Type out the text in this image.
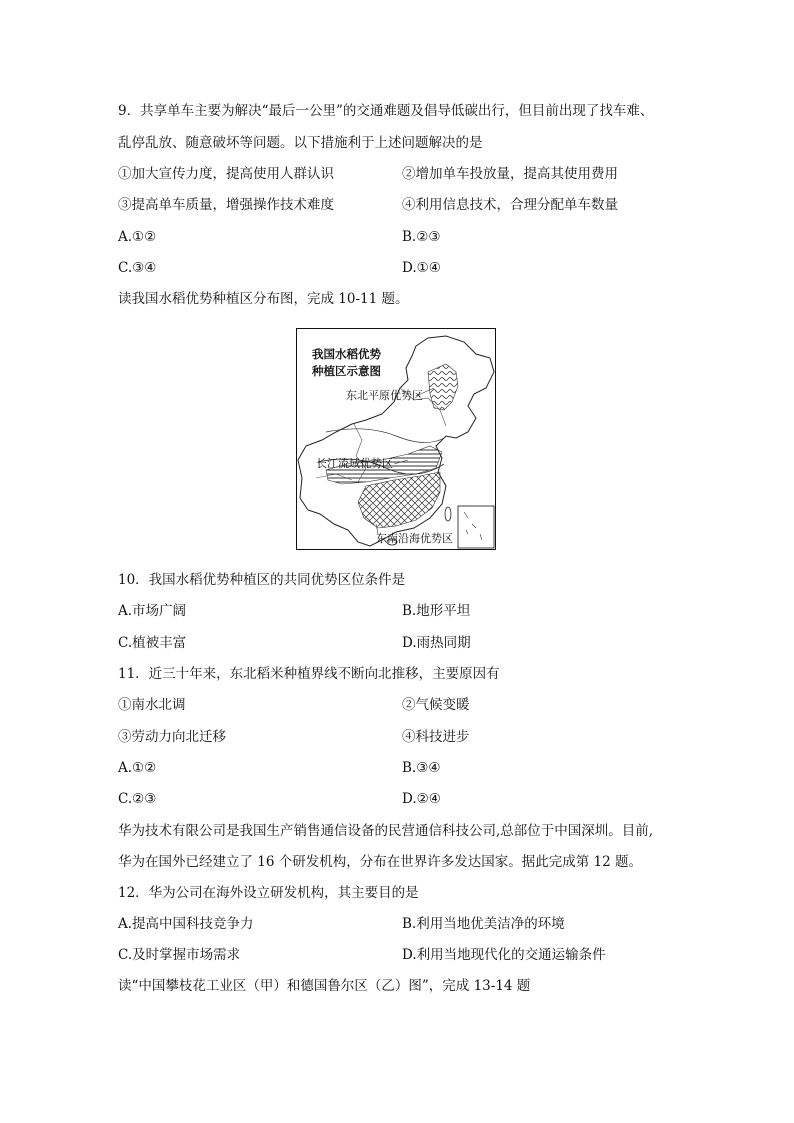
9．共享单车主要为解决“最后一公里”的交通难题及倡导低碳出行，但目前出现了找车难、
乱停乱放、随意破坏等问题。以下措施利于上述问题解决的是
①加大宣传力度，提高使用人群认识	②增加单车投放量，提高其使用费用
③提高单车质量，增强操作技术难度	④利用信息技术，合理分配单车数量
A.①②	B.②③
C.③④	D.①④
读我国水稻优势种植区分布图，完成 10-11 题。
我国水稻优势
种植区示意图
东北平原优势区
长江流域优势区
东南沿海优势区
10．我国水稻优势种植区的共同优势区位条件是
A.市场广阔	B.地形平坦
C.植被丰富	D.雨热同期
11．近三十年来，东北稻米种植界线不断向北推移，主要原因有
①南水北调	②气候变暖
③劳动力向北迁移	④科技进步
A.①②	B.③④
C.②③	D.②④
华为技术有限公司是我国生产销售通信设备的民营通信科技公司,总部位于中国深圳。目前,
华为在国外已经建立了 16 个研发机构，分布在世界许多发达国家。据此完成第 12 题。
12．华为公司在海外设立研发机构，其主要目的是
A.提高中国科技竞争力	B.利用当地优美洁净的环境
C.及时掌握市场需求	D.利用当地现代化的交通运输条件
读“中国攀枝花工业区（甲）和德国鲁尔区（乙）图”，完成 13-14 题
